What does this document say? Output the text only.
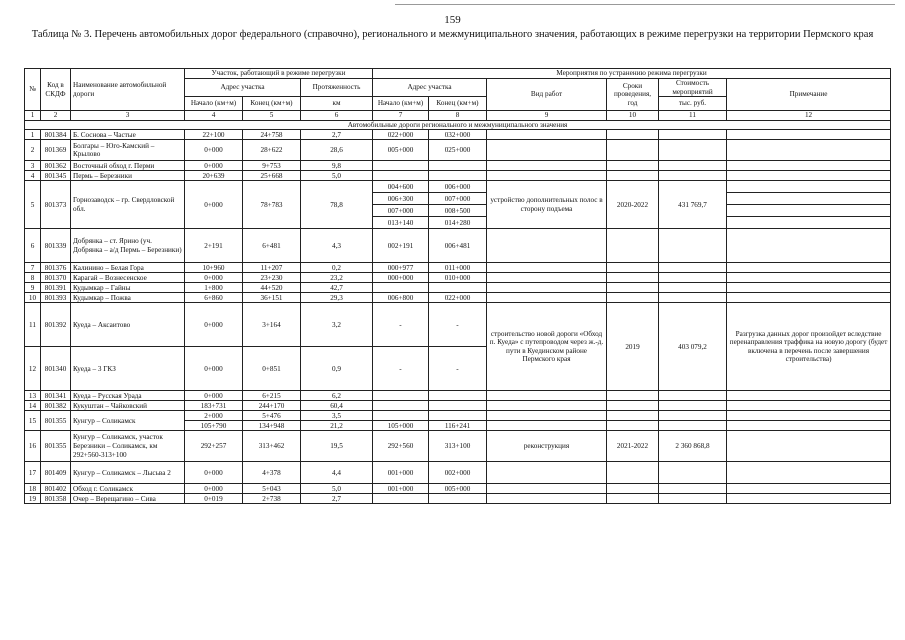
159
Таблица № 3. Перечень автомобильных дорог федерального (справочно), регионального и межмуниципального значения, работающих в режиме перегрузки на территории Пермского края
№	Код в СКДФ	Наименование автомобильной дороги	Участок, работающий в режиме перегрузки			Мероприятия по устранению режима перегрузки					
			Адрес участка		Протяженность	Адрес участка		Вид работ	Сроки проведения, год	Стоимость мероприятий	Примечание
			Начало (км+м)	Конец (км+м)	км	Начало (км+м)	Конец (км+м)			тыс. руб.	
1	2	3	4	5	6	7	8	9	10	11	12
Автомобильные дороги регионального и межмуниципального значения											
1	801384	Б. Соснова – Частые	22+100	24+758	2,7	022+000	032+000				
2	801369	Болгары – Юго-Камский – Крылово	0+000	28+622	28,6	005+000	025+000				
3	801362	Восточный обход г. Перми	0+000	9+753	9,8						
4	801345	Пермь – Березники	20+639	25+668	5,0						
5	801373	Горнозаводск – гр. Свердловской обл.	0+000	78+783	78,8	004+600	006+000	устройство дополнительных полос в сторону подъема	2020-2022	431 769,7	
						006+300	007+000				
						007+000	008+500				
						013+140	014+280				
6	801339	Добрянка – ст. Ярино (уч. Добрянка – а/д Пермь – Березники)	2+191	6+481	4,3	002+191	006+481				
7	801376	Калинино – Белая Гора	10+960	11+207	0,2	000+977	011+000				
8	801370	Карагай – Вознесенское	0+000	23+230	23,2	000+000	010+000				
9	801391	Кудымкар – Гайны	1+800	44+520	42,7						
10	801393	Кудымкар – Пожва	6+860	36+151	29,3	006+800	022+000				
11	801392	Куеда – Аксаитово	0+000	3+164	3,2	-	-	строительство новой дороги «Обход п. Куеда» с путепроводом через ж.-д. пути в Куединском районе Пермского края	2019	403 079,2	Разгрузка данных дорог произойдет вследствие перенаправления траффика на новую дорогу (будет включена в перечень после завершения строительства)
12	801340	Куеда – 3 ГКЗ	0+000	0+851	0,9	-	-				
13	801341	Куеда – Русская Урада	0+000	6+215	6,2						
14	801382	Кукуштан – Чайковский	183+731	244+170	60,4						
15	801355	Кунгур – Соликамск	2+000	5+476	3,5						
			105+790	134+948	21,2	105+000	116+241				
16	801355	Кунгур – Соликамск, участок Березники – Соликамск, км 292+560-313+100	292+257	313+462	19,5	292+560	313+100	реконструкция	2021-2022	2 360 868,8	
17	801409	Кунгур – Соликамск – Лысьва 2	0+000	4+378	4,4	001+000	002+000				
18	801402	Обход г. Соликамск	0+000	5+043	5,0	001+000	005+000				
19	801358	Очер – Верещагино – Сива	0+019	2+738	2,7						
